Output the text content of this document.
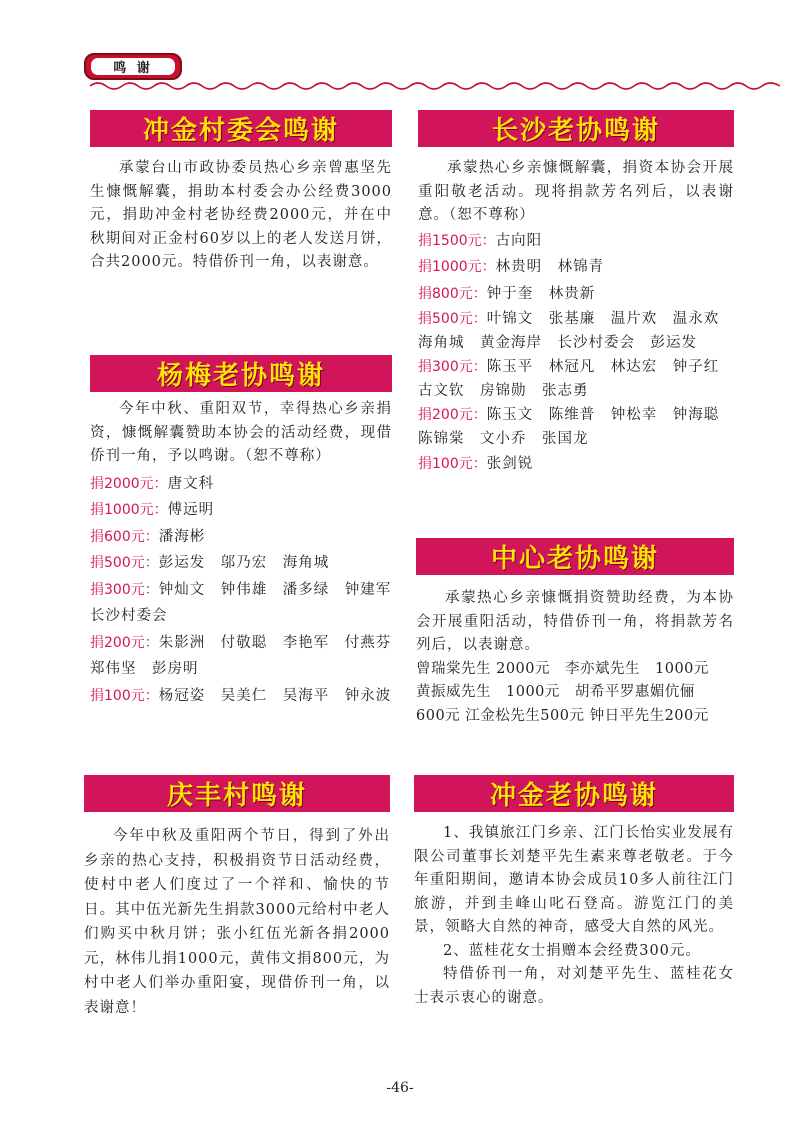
鸣 谢
冲金村委会鸣谢

承蒙台山市政协委员热心乡亲曾惠坚先生慷慨解囊，捐助本村委会办公经费3000元，捐助冲金村老协经费2000元，并在中秋期间对正金村60岁以上的老人发送月饼，合共2000元。特借侨刊一角，以表谢意。

杨梅老协鸣谢

今年中秋、重阳双节，幸得热心乡亲捐资，慷慨解囊赞助本协会的活动经费，现借侨刊一角，予以鸣谢。（恕不尊称）

捐2000元：唐文科

捐1000元：傅远明

捐600元：潘海彬

捐500元：彭运发　邬乃宏　海角城

捐300元：钟灿文　钟伟雄　潘多绿　钟建军　长沙村委会

捐200元：朱影洲　付敬聪　李艳军　付燕芬　郑伟坚　彭房明

捐100元：杨冠姿　吴美仁　吴海平　钟永波

庆丰村鸣谢

今年中秋及重阳两个节日，得到了外出乡亲的热心支持，积极捐资节日活动经费，使村中老人们度过了一个祥和、愉快的节日。其中伍光新先生捐款3000元给村中老人们购买中秋月饼；张小红伍光新各捐2000元，林伟儿捐1000元，黄伟文捐800元，为村中老人们举办重阳宴，现借侨刊一角，以表谢意！

长沙老协鸣谢

承蒙热心乡亲慷慨解囊，捐资本协会开展重阳敬老活动。现将捐款芳名列后，以表谢意。（恕不尊称）

捐1500元：古向阳

捐1000元：林贵明　林锦青

捐800元：钟于奎　林贵新

捐500元：叶锦文　张基廉　温片欢　温永欢　海角城　黄金海岸　长沙村委会　彭运发

捐300元：陈玉平　林冠凡　林达宏　钟子红　古文钦　房锦勋　张志勇

捐200元：陈玉文　陈维普　钟松幸　钟海聪　陈锦棠　文小乔　张国龙

捐100元：张剑锐

中心老协鸣谢

承蒙热心乡亲慷慨捐资赞助经费，为本协会开展重阳活动，特借侨刊一角，将捐款芳名列后，以表谢意。

曾瑞棠先生 2000元　李亦斌先生　1000元

黄振威先生　1000元　胡希平罗惠媚伉俪

600元 江金松先生500元 钟日平先生200元

冲金老协鸣谢

1、我镇旅江门乡亲、江门长怡实业发展有限公司董事长刘楚平先生素来尊老敬老。于今年重阳期间，邀请本协会成员10多人前往江门旅游，并到圭峰山叱石登高。游览江门的美景，领略大自然的神奇，感受大自然的风光。

2、蓝桂花女士捐赠本会经费300元。

特借侨刊一角，对刘楚平先生、蓝桂花女士表示衷心的谢意。

-46-
